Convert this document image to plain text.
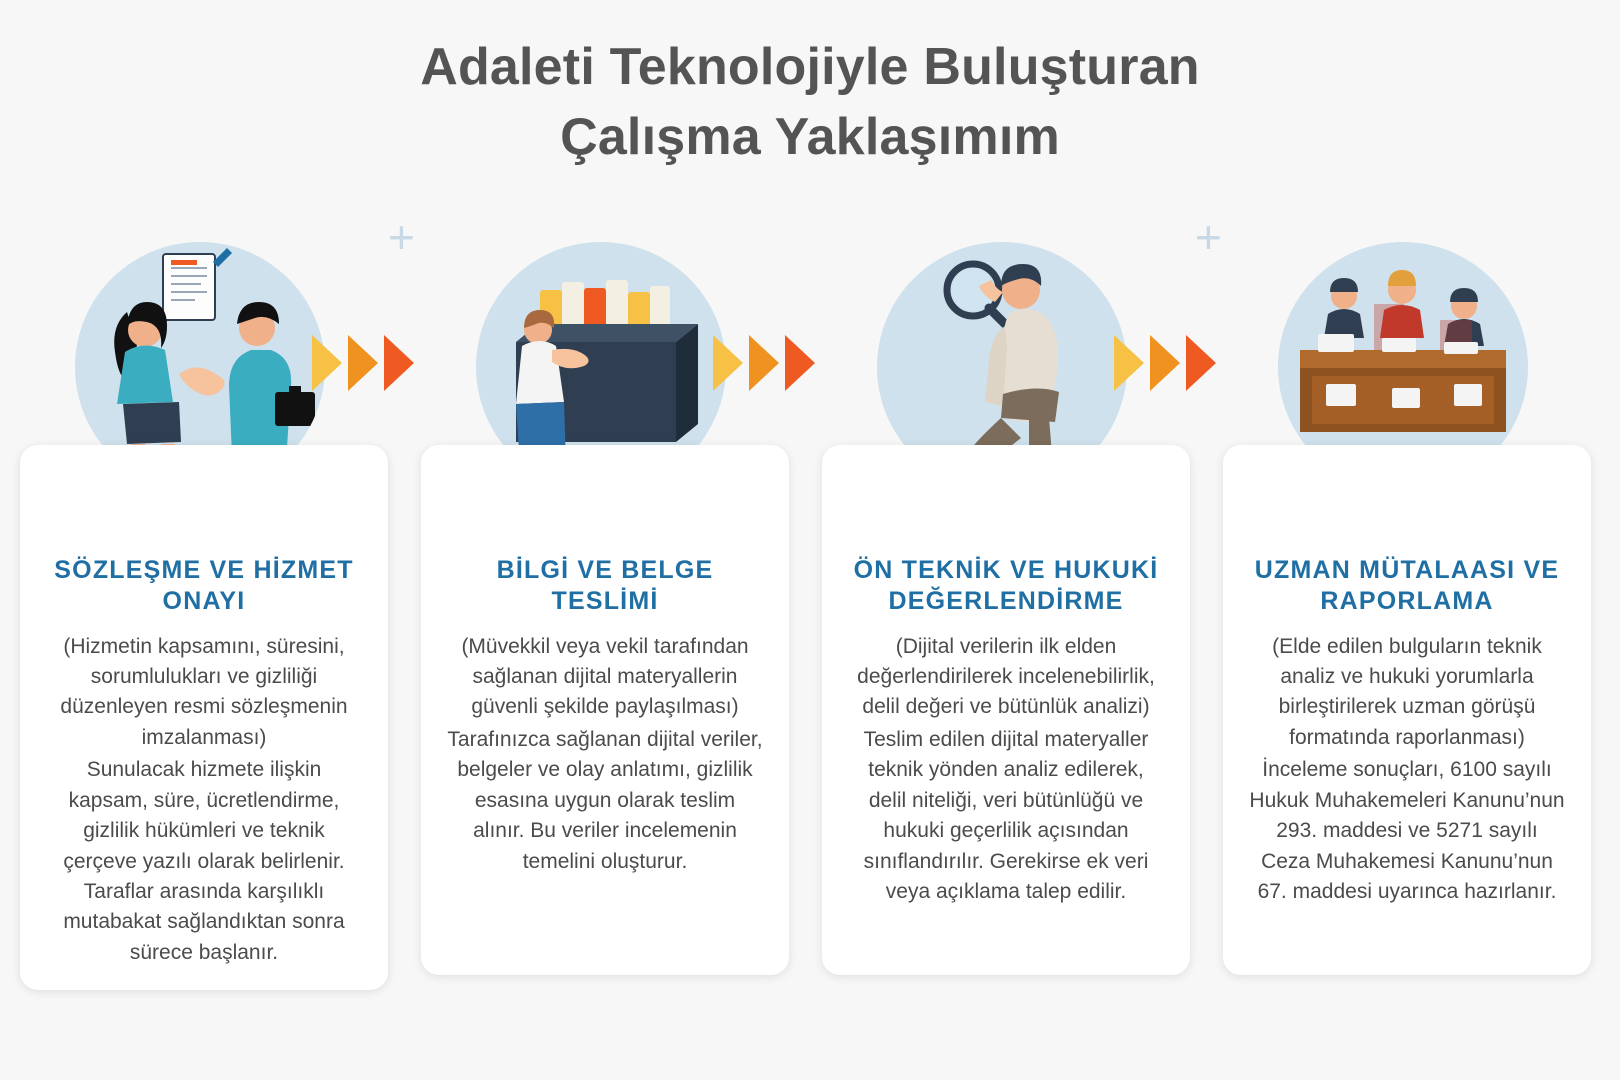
Adaleti Teknolojiyle Buluşturan
Çalışma Yaklaşımım
+	+
SÖZLEŞME VE HİZMET ONAYI

(Hizmetin kapsamını, süresini, sorumlulukları ve gizliliği düzenleyen resmi sözleşmenin imzalanması)

Sunulacak hizmete ilişkin kapsam, süre, ücretlendirme, gizlilik hükümleri ve teknik çerçeve yazılı olarak belirlenir. Taraflar arasında karşılıklı mutabakat sağlandıktan sonra sürece başlanır.

BİLGİ VE BELGE TESLİMİ

(Müvekkil veya vekil tarafından sağlanan dijital materyallerin güvenli şekilde paylaşılması)

Tarafınızca sağlanan dijital veriler, belgeler ve olay anlatımı, gizlilik esasına uygun olarak teslim alınır. Bu veriler incelemenin temelini oluşturur.

ÖN TEKNİK VE HUKUKİ DEĞERLENDİRME

(Dijital verilerin ilk elden değerlendirilerek incelenebilirlik, delil değeri ve bütünlük analizi)

Teslim edilen dijital materyaller teknik yönden analiz edilerek, delil niteliği, veri bütünlüğü ve hukuki geçerlilik açısından sınıflandırılır. Gerekirse ek veri veya açıklama talep edilir.

UZMAN MÜTALAASI VE RAPORLAMA

(Elde edilen bulguların teknik analiz ve hukuki yorumlarla birleştirilerek uzman görüşü formatında raporlanması)

İnceleme sonuçları, 6100 sayılı Hukuk Muhakemeleri Kanunu’nun 293. maddesi ve 5271 sayılı Ceza Muhakemesi Kanunu’nun 67. maddesi uyarınca hazırlanır.
